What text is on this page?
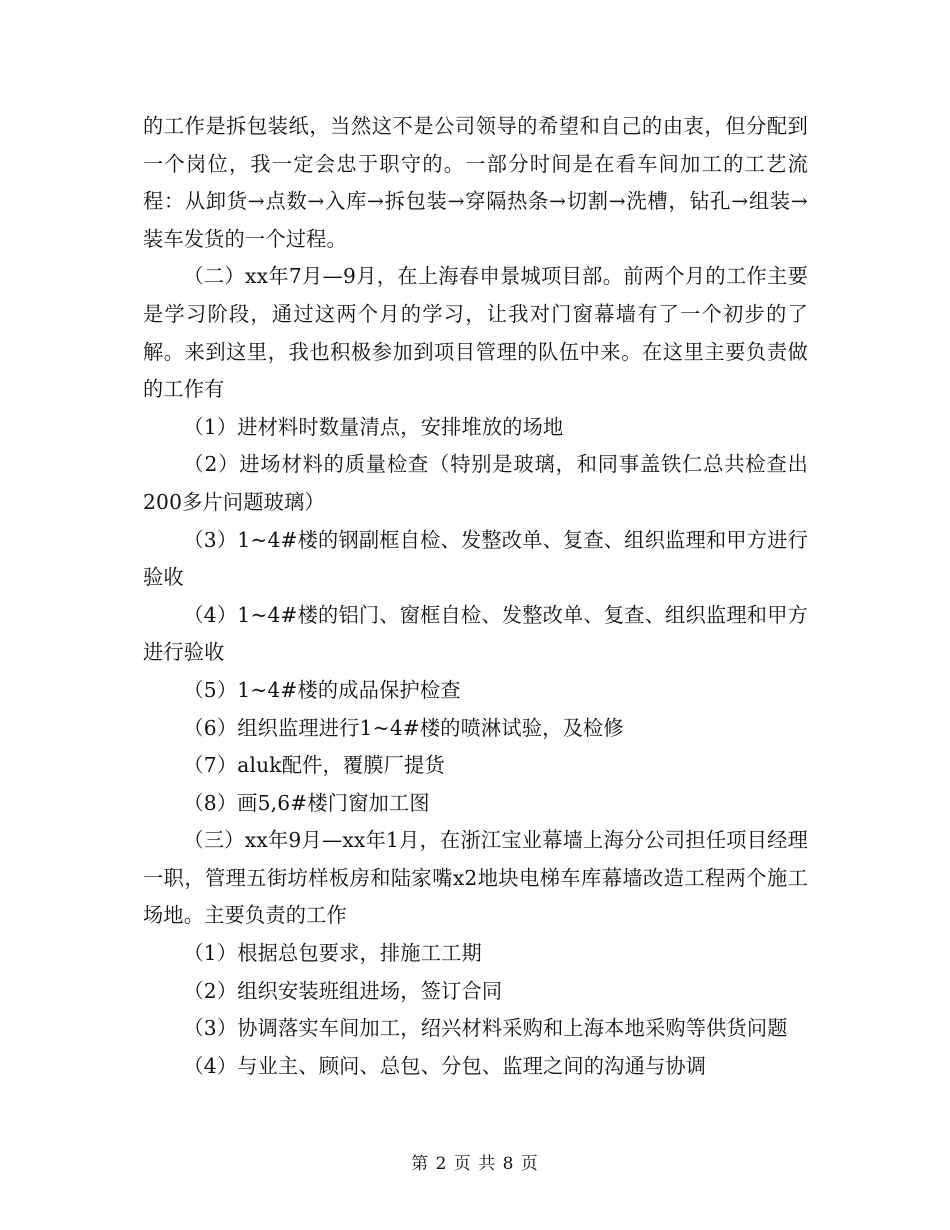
的工作是拆包装纸，当然这不是公司领导的希望和自己的由衷，但分配到一个岗位，我一定会忠于职守的。一部分时间是在看车间加工的工艺流程：从卸货→点数→入库→拆包装→穿隔热条→切割→洗槽，钻孔→组装→装车发货的一个过程。

（二）xx年7月—9月，在上海春申景城项目部。前两个月的工作主要是学习阶段，通过这两个月的学习，让我对门窗幕墙有了一个初步的了解。来到这里，我也积极参加到项目管理的队伍中来。在这里主要负责做的工作有

（1）进材料时数量清点，安排堆放的场地

（2）进场材料的质量检查（特别是玻璃，和同事盖铁仁总共检查出200多片问题玻璃）

（3）1~4#楼的钢副框自检、发整改单、复查、组织监理和甲方进行验收

（4）1~4#楼的铝门、窗框自检、发整改单、复查、组织监理和甲方进行验收

（5）1~4#楼的成品保护检查

（6）组织监理进行1~4#楼的喷淋试验，及检修

（7）aluk配件，覆膜厂提货

（8）画5,6#楼门窗加工图

（三）xx年9月—xx年1月，在浙江宝业幕墙上海分公司担任项目经理一职，管理五街坊样板房和陆家嘴x2地块电梯车库幕墙改造工程两个施工场地。主要负责的工作

（1）根据总包要求，排施工工期

（2）组织安装班组进场，签订合同

（3）协调落实车间加工，绍兴材料采购和上海本地采购等供货问题

（4）与业主、顾问、总包、分包、监理之间的沟通与协调

第 2 页 共 8 页
